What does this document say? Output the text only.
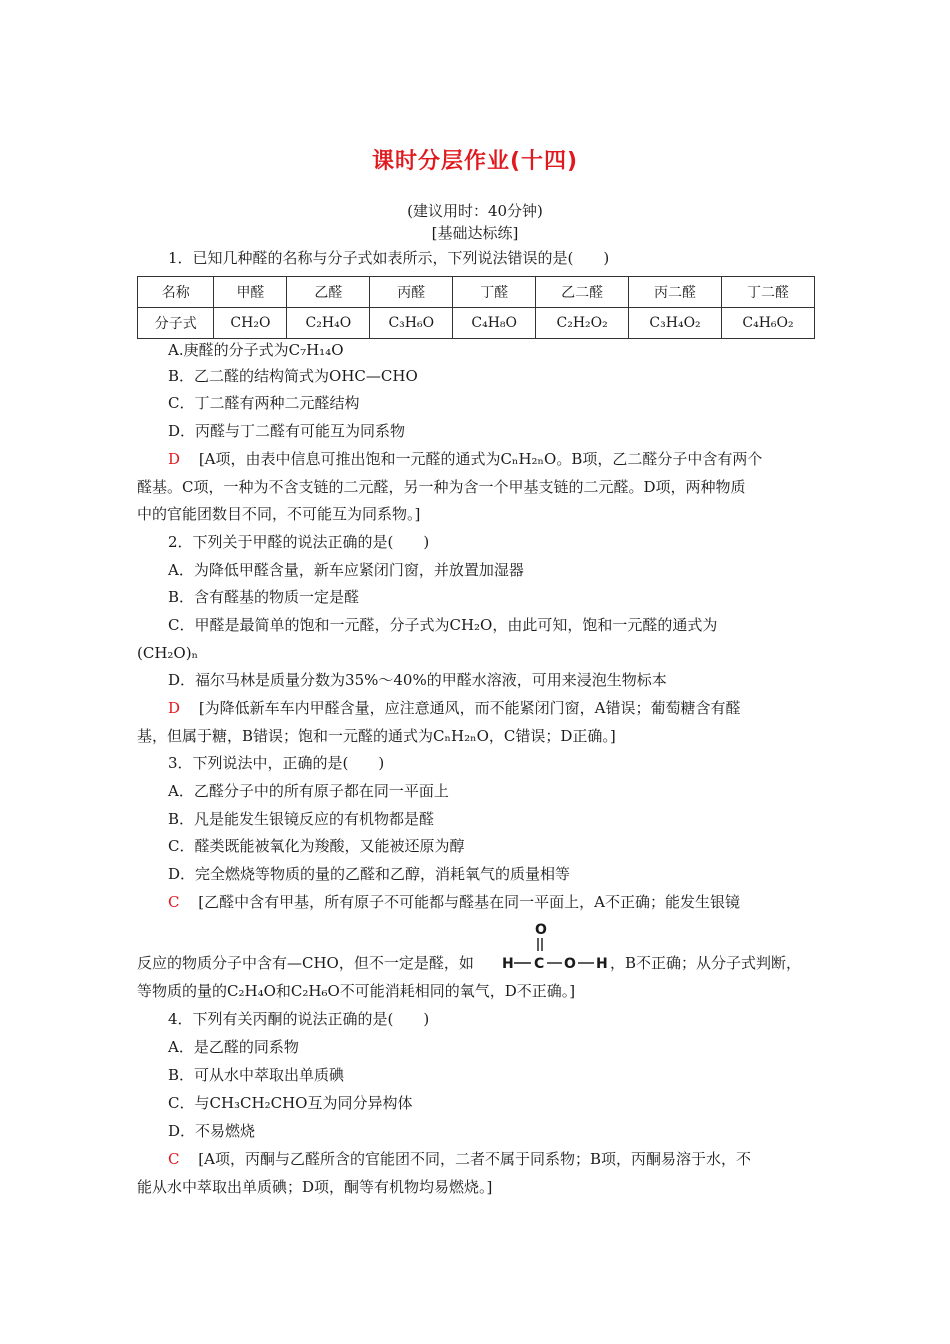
课时分层作业(十四)
(建议用时：40分钟)
[基础达标练]
1．已知几种醛的名称与分子式如表所示，下列说法错误的是(　　)
名称	甲醛	乙醛	丙醛	丁醛	乙二醛	丙二醛	丁二醛
分子式	CH₂O	C₂H₄O	C₃H₆O	C₄H₈O	C₂H₂O₂	C₃H₄O₂	C₄H₆O₂
A.庚醛的分子式为C₇H₁₄O
B．乙二醛的结构简式为OHC—CHO
C．丁二醛有两种二元醛结构
D．丙醛与丁二醛有可能互为同系物
D [A项，由表中信息可推出饱和一元醛的通式为CₙH₂ₙO。B项，乙二醛分子中含有两个
醛基。C项，一种为不含支链的二元醛，另一种为含一个甲基支链的二元醛。D项，两种物质
中的官能团数目不同，不可能互为同系物。]
2．下列关于甲醛的说法正确的是(　　)
A．为降低甲醛含量，新车应紧闭门窗，并放置加湿器
B．含有醛基的物质一定是醛
C．甲醛是最简单的饱和一元醛，分子式为CH₂O，由此可知，饱和一元醛的通式为
(CH₂O)ₙ
D．福尔马林是质量分数为35%～40%的甲醛水溶液，可用来浸泡生物标本
D [为降低新车车内甲醛含量，应注意通风，而不能紧闭门窗，A错误；葡萄糖含有醛
基，但属于糖，B错误；饱和一元醛的通式为CₙH₂ₙO，C错误；D正确。]
3．下列说法中，正确的是(　　)
A．乙醛分子中的所有原子都在同一平面上
B．凡是能发生银镜反应的有机物都是醛
C．醛类既能被氧化为羧酸，又能被还原为醇
D．完全燃烧等物质的量的乙醛和乙醇，消耗氧气的质量相等
C [乙醛中含有甲基，所有原子不可能都与醛基在同一平面上，A不正确；能发生银镜
反应的物质分子中含有—CHO，但不一定是醛，如
O
H C O H ，B不正确；从分子式判断，
等物质的量的C₂H₄O和C₂H₆O不可能消耗相同的氧气，D不正确。]
4．下列有关丙酮的说法正确的是(　　)
A．是乙醛的同系物
B．可从水中萃取出单质碘
C．与CH₃CH₂CHO互为同分异构体
D．不易燃烧
C [A项，丙酮与乙醛所含的官能团不同，二者不属于同系物；B项，丙酮易溶于水，不
能从水中萃取出单质碘；D项，酮等有机物均易燃烧。]
